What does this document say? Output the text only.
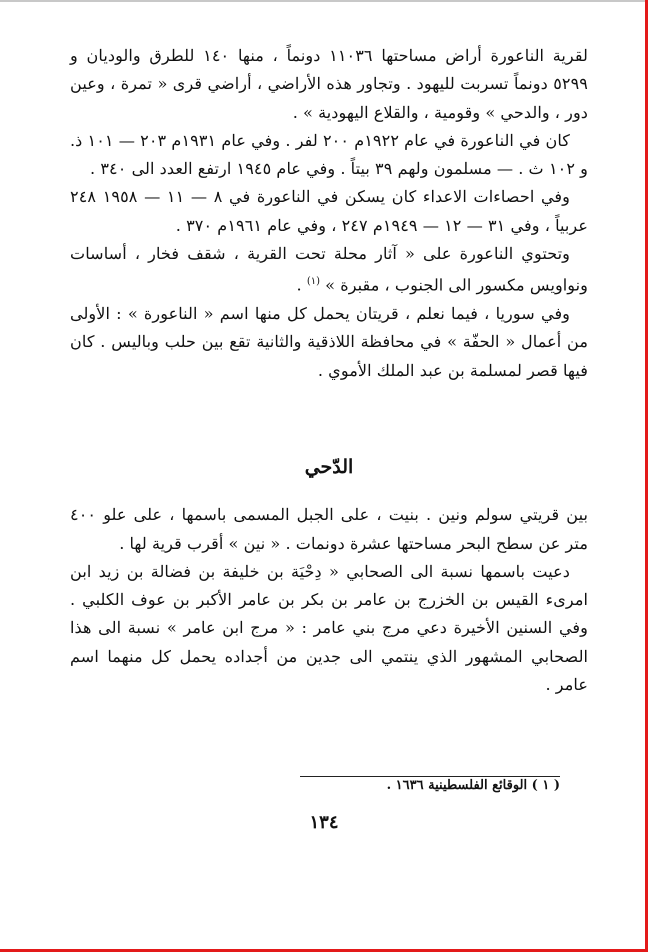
لقرية الناعورة أراض مساحتها ١١٠٣٦ دونماً ، منها ١٤٠ للطرق والوديان و ٥٢٩٩ دونماً تسربت لليهود . وتجاور هذه الأراضي ، أراضي قرى « تمرة ، وعين دور ، والدحي » وقومية ، والقلاع اليهودية » .

كان في الناعورة في عام ١٩٢٢م ٢٠٠ لفر . وفي عام ١٩٣١م ٢٠٣ — ١٠١ ذ. و ١٠٢ ث . — مسلمون ولهم ٣٩ بيتاً . وفي عام ١٩٤٥ ارتفع العدد الى ٣٤٠ .

وفي احصاءات الاعداء كان يسكن في الناعورة في ٨ — ١١ — ١٩٥٨ ٢٤٨ عربياً ، وفي ٣١ — ١٢ — ١٩٤٩م ٢٤٧ ، وفي عام ١٩٦١م ٣٧٠ .

وتحتوي الناعورة على « آثار محلة تحت القرية ، شقف فخار ، أساسات ونواويس مكسور الى الجنوب ، مقبرة » $^{(١)}$ .

وفي سوريا ، فيما نعلم ، قريتان يحمل كل منها اسم « الناعورة » : الأولى من أعمال « الحفّة » في محافظة اللاذقية والثانية تقع بين حلب وباليس . كان فيها قصر لمسلمة بن عبد الملك الأموي .

الدّحي

بين قريتي سولم ونين . بنيت ، على الجبل المسمى باسمها ، على علو ٤٠٠ متر عن سطح البحر مساحتها عشرة دونمات . « نين » أقرب قرية لها .

دعيت باسمها نسبة الى الصحابي « دِحْيَة بن خليفة بن فضالة بن زيد ابن امرىء القيس بن الخزرج بن عامر بن بكر بن عامر الأكبر بن عوف الكلبي . وفي السنين الأخيرة دعي مرج بني عامر : « مرج ابن عامر » نسبة الى هذا الصحابي المشهور الذي ينتمي الى جدين من أجداده يحمل كل منهما اسم عامر .

( ١ ) الوقائع الفلسطينية ١٦٣٦ .
١٣٤
